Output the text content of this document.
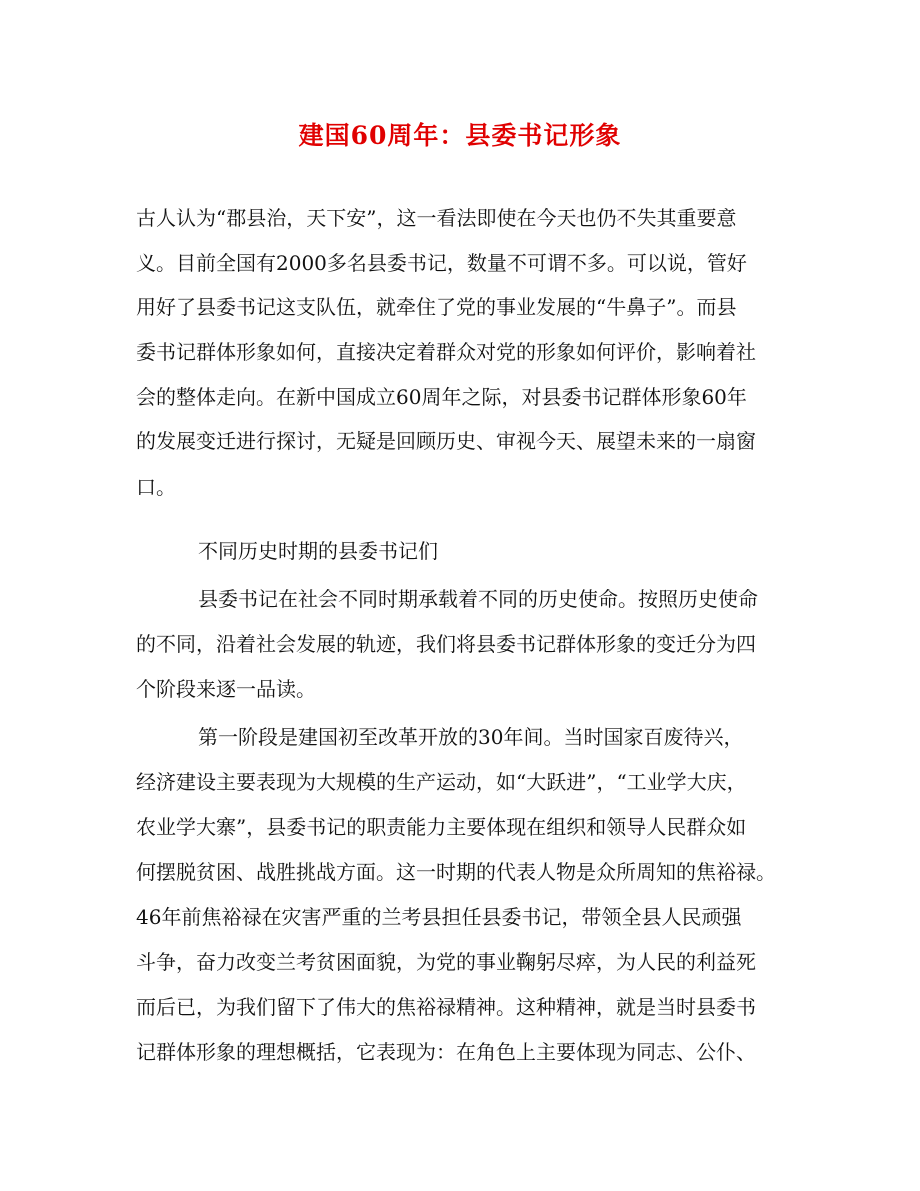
建国60周年：县委书记形象

古人认为“郡县治，天下安”，这一看法即使在今天也仍不失其重要意

义。目前全国有2000多名县委书记，数量不可谓不多。可以说，管好

用好了县委书记这支队伍，就牵住了党的事业发展的“牛鼻子”。而县

委书记群体形象如何，直接决定着群众对党的形象如何评价，影响着社

会的整体走向。在新中国成立60周年之际，对县委书记群体形象60年

的发展变迁进行探讨，无疑是回顾历史、审视今天、展望未来的一扇窗

口。

不同历史时期的县委书记们

县委书记在社会不同时期承载着不同的历史使命。按照历史使命

的不同，沿着社会发展的轨迹，我们将县委书记群体形象的变迁分为四

个阶段来逐一品读。

第一阶段是建国初至改革开放的30年间。当时国家百废待兴，

经济建设主要表现为大规模的生产运动，如“大跃进”，“工业学大庆，

农业学大寨”，县委书记的职责能力主要体现在组织和领导人民群众如

何摆脱贫困、战胜挑战方面。这一时期的代表人物是众所周知的焦裕禄。

46年前焦裕禄在灾害严重的兰考县担任县委书记，带领全县人民顽强

斗争，奋力改变兰考贫困面貌，为党的事业鞠躬尽瘁，为人民的利益死

而后已，为我们留下了伟大的焦裕禄精神。这种精神，就是当时县委书

记群体形象的理想概括，它表现为：在角色上主要体现为同志、公仆、
